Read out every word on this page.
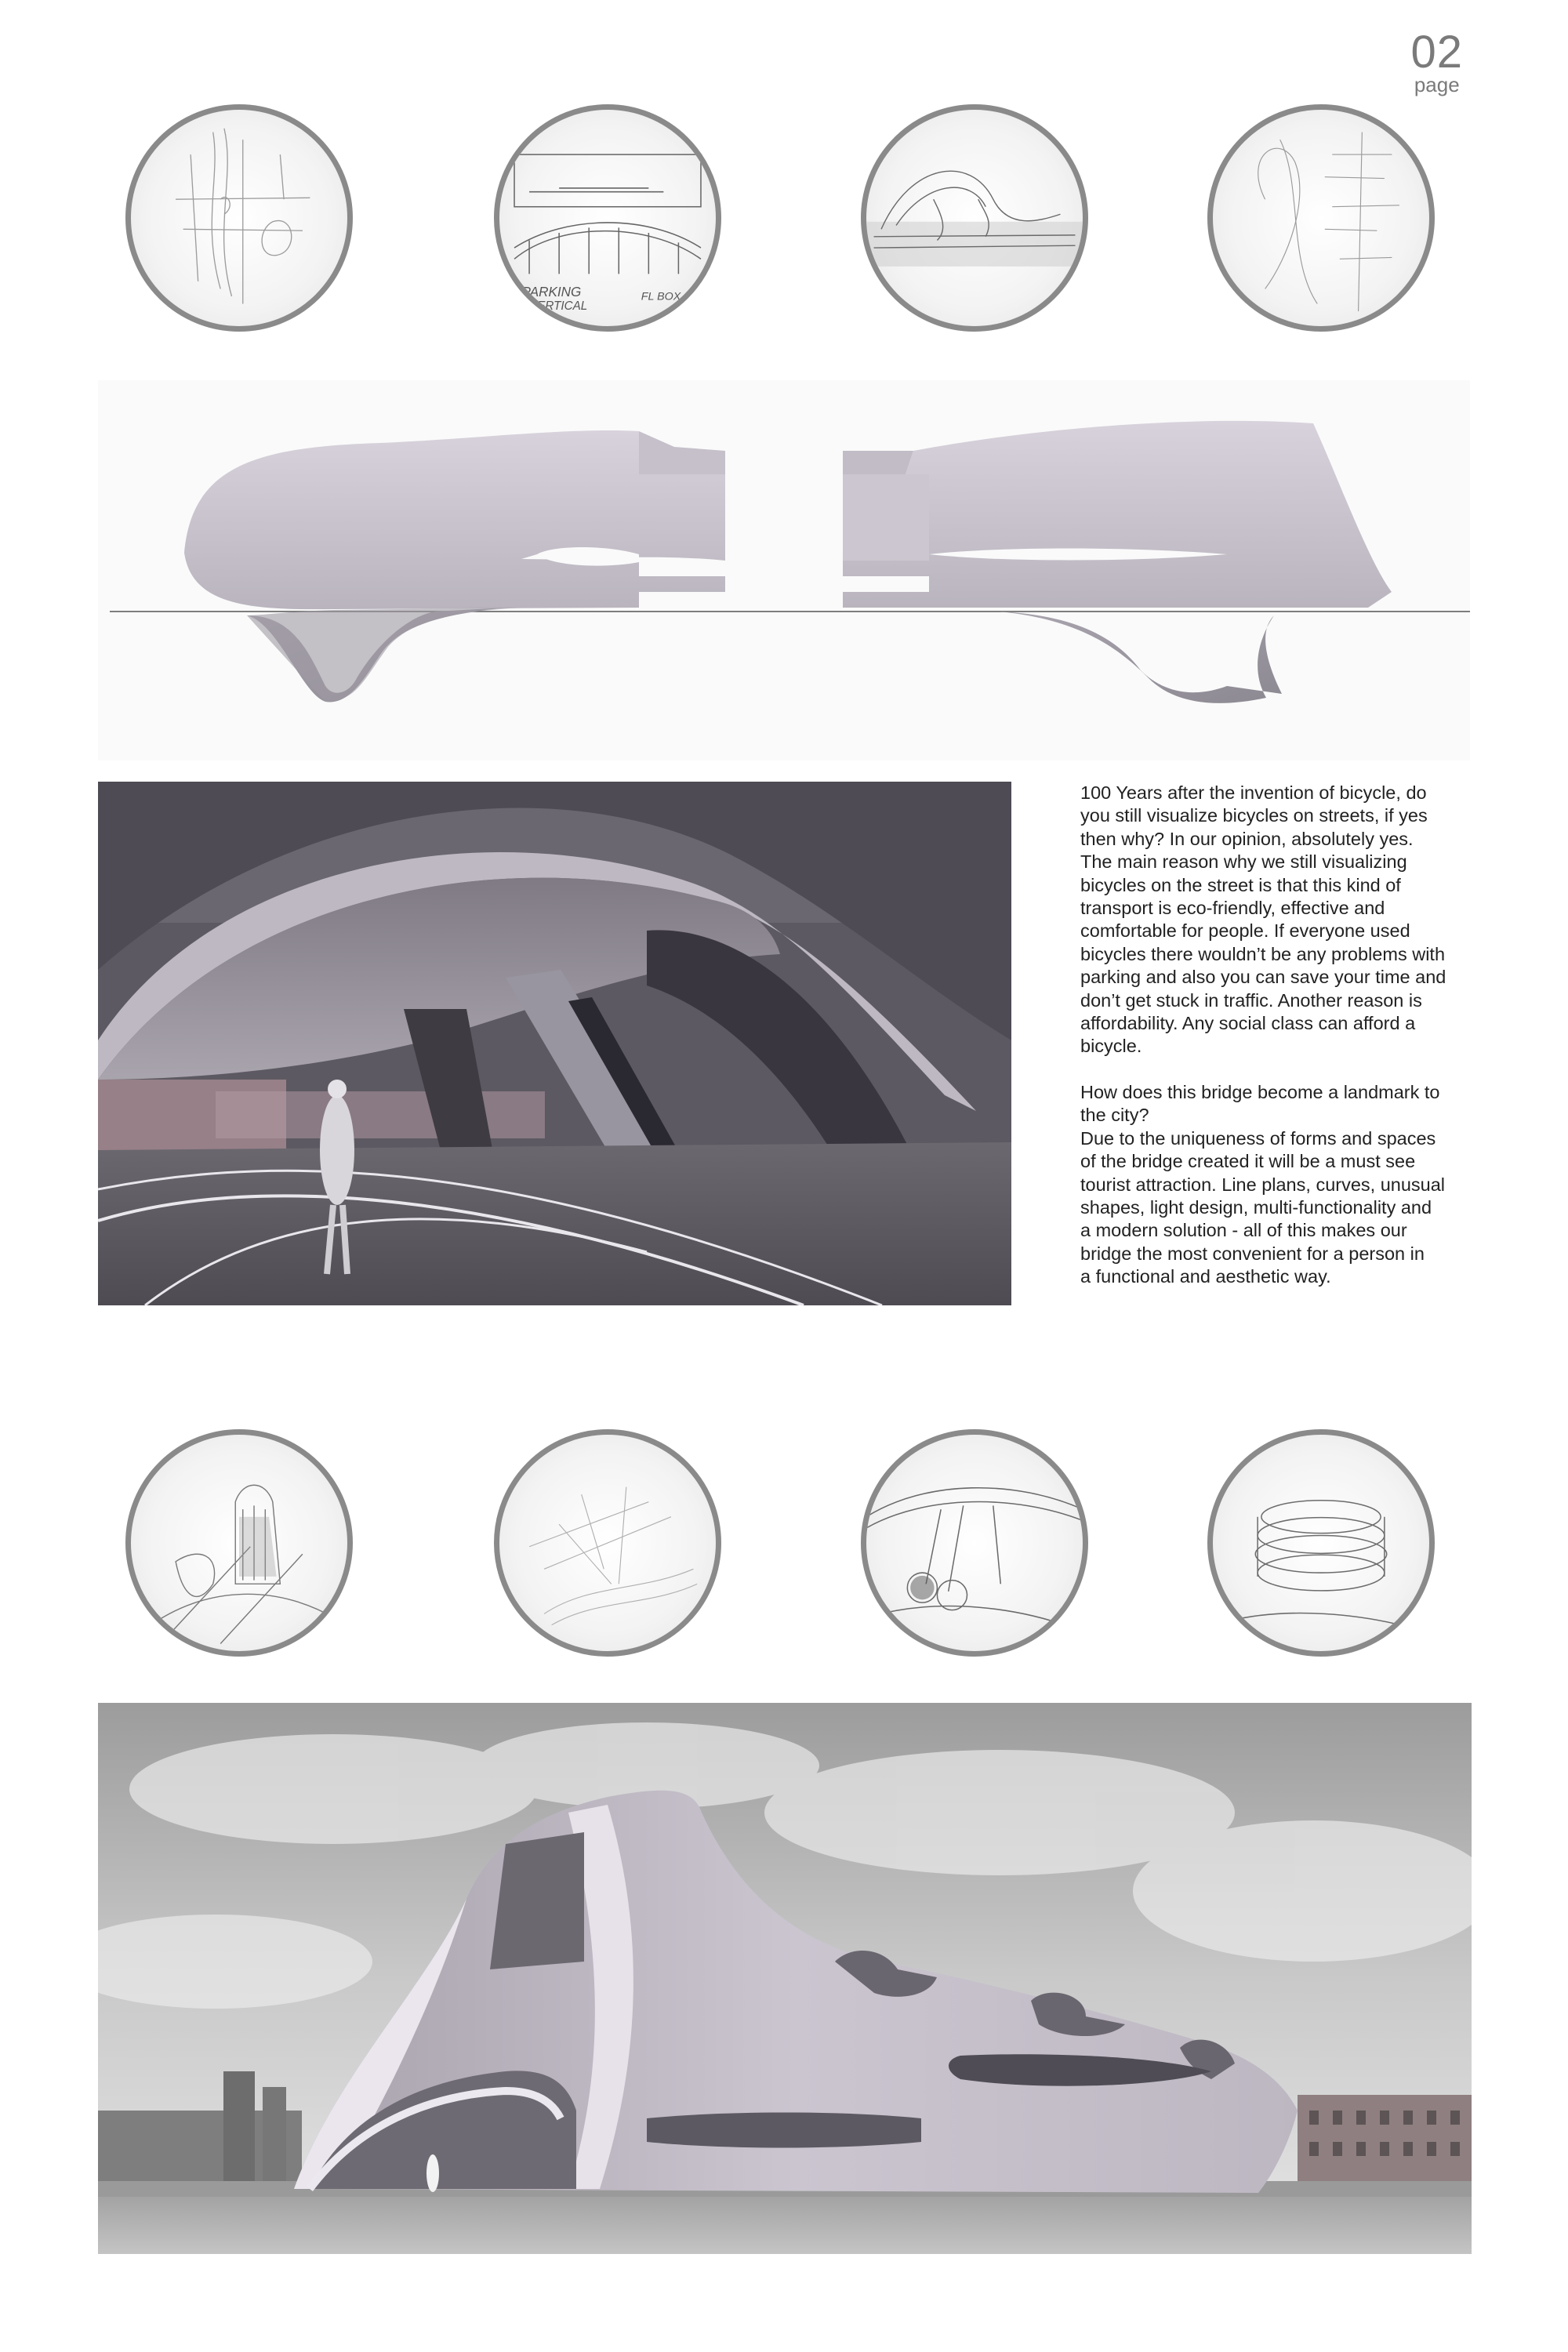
02
page
PARKING
VERTICAL
FL BOX

100 Years after the invention of bicycle, do
you still visualize bicycles on streets, if yes
then why? In our opinion, absolutely yes.
The main reason why we still visualizing
bicycles on the street is that this kind of
transport is eco-friendly, effective and
comfortable for people. If everyone used
bicycles there wouldn’t be any problems with
parking and also you can save your time and
don’t get stuck in traffic. Another reason is
affordability. Any social class can afford a
bicycle.

How does this bridge become a landmark to
the city?
Due to the uniqueness of forms and spaces
of the bridge created it will be a must see
tourist attraction. Line plans, curves, unusual
shapes, light design, multi-functionality and
a modern solution - all of this makes our
bridge the most convenient for a person in
a functional and aesthetic way.
